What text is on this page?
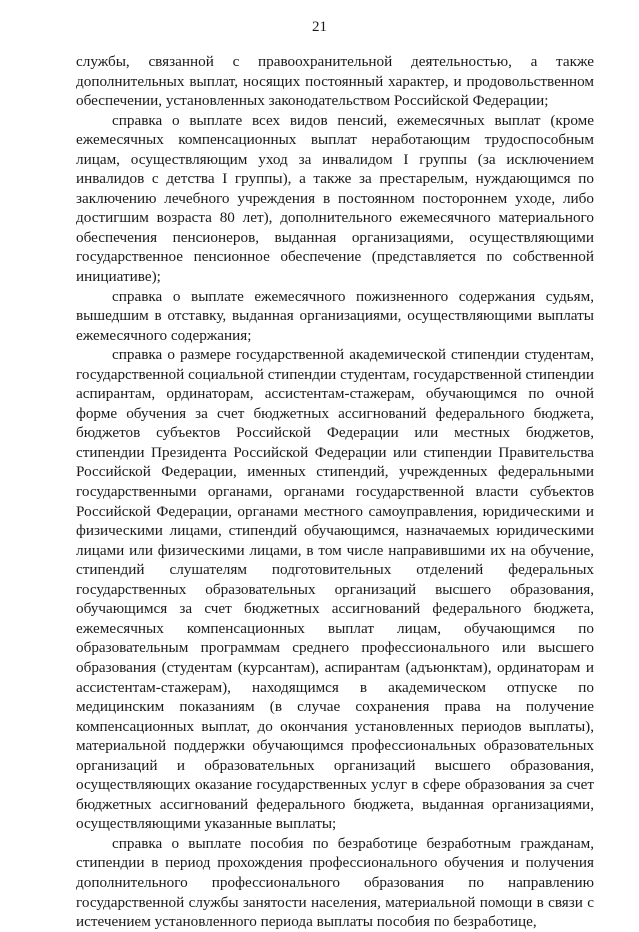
21

службы, связанной с правоохранительной деятельностью, а также дополнительных выплат, носящих постоянный характер, и продовольственном обеспечении, установленных законодательством Российской Федерации;

справка о выплате всех видов пенсий, ежемесячных выплат (кроме ежемесячных компенсационных выплат неработающим трудоспособным лицам, осуществляющим уход за инвалидом I группы (за исключением инвалидов с детства I группы), а также за престарелым, нуждающимся по заключению лечебного учреждения в постоянном постороннем уходе, либо достигшим возраста 80 лет), дополнительного ежемесячного материального обеспечения пенсионеров, выданная организациями, осуществляющими государственное пенсионное обеспечение (представляется по собственной инициативе);

справка о выплате ежемесячного пожизненного содержания судьям, вышедшим в отставку, выданная организациями, осуществляющими выплаты ежемесячного содержания;

справка о размере государственной академической стипендии студентам, государственной социальной стипендии студентам, государственной стипендии аспирантам, ординаторам, ассистентам-стажерам, обучающимся по очной форме обучения за счет бюджетных ассигнований федерального бюджета, бюджетов субъектов Российской Федерации или местных бюджетов, стипендии Президента Российской Федерации или стипендии Правительства Российской Федерации, именных стипендий, учрежденных федеральными государственными органами, органами государственной власти субъектов Российской Федерации, органами местного самоуправления, юридическими и физическими лицами, стипендий обучающимся, назначаемых юридическими лицами или физическими лицами, в том числе направившими их на обучение, стипендий слушателям подготовительных отделений федеральных государственных образовательных организаций высшего образования, обучающимся за счет бюджетных ассигнований федерального бюджета, ежемесячных компенсационных выплат лицам, обучающимся по образовательным программам среднего профессионального или высшего образования (студентам (курсантам), аспирантам (адъюнктам), ординаторам и ассистентам-стажерам), находящимся в академическом отпуске по медицинским показаниям (в случае сохранения права на получение компенсационных выплат, до окончания установленных периодов выплаты), материальной поддержки обучающимся профессиональных образовательных организаций и образовательных организаций высшего образования, осуществляющих оказание государственных услуг в сфере образования за счет бюджетных ассигнований федерального бюджета, выданная организациями, осуществляющими указанные выплаты;

справка о выплате пособия по безработице безработным гражданам, стипендии в период прохождения профессионального обучения и получения дополнительного профессионального образования по направлению государственной службы занятости населения, материальной помощи в связи с истечением установленного периода выплаты пособия по безработице,
